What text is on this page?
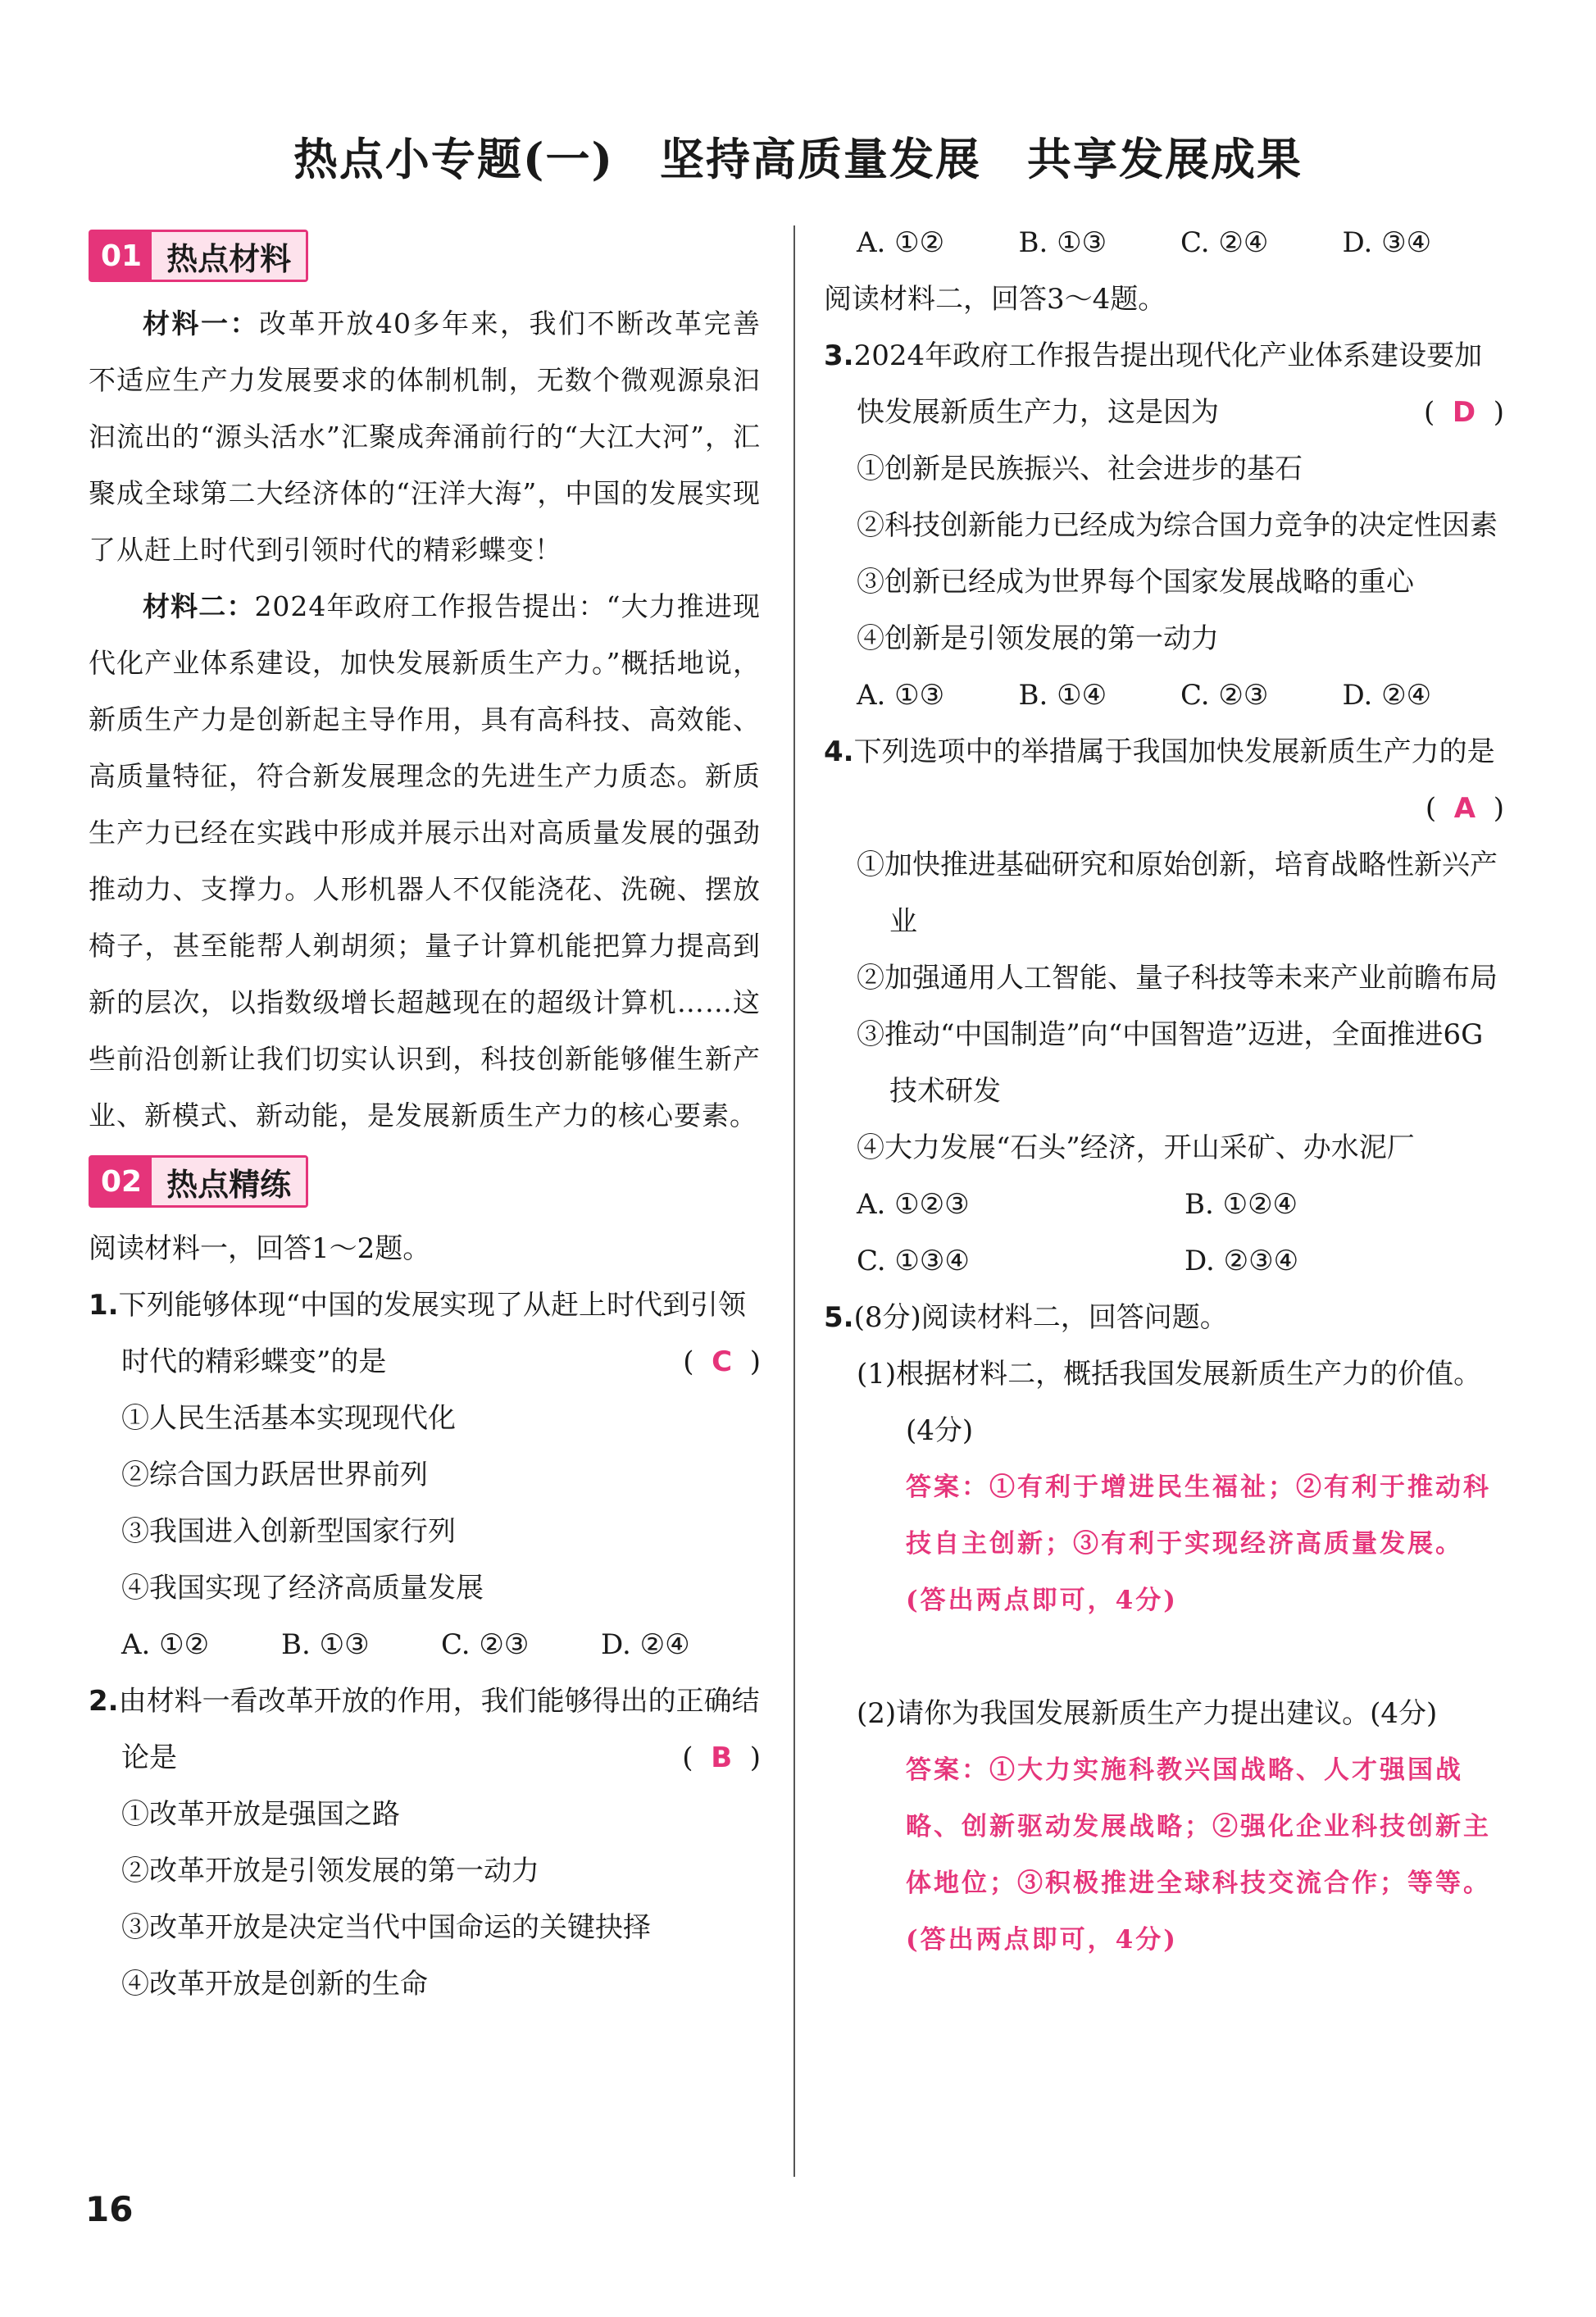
热点小专题(一)　坚持高质量发展　共享发展成果
01 热点材料

材料一：改革开放40多年来，我们不断改革完善不适应生产力发展要求的体制机制，无数个微观源泉汩汩流出的“源头活水”汇聚成奔涌前行的“大江大河”，汇聚成全球第二大经济体的“汪洋大海”，中国的发展实现了从赶上时代到引领时代的精彩蝶变！

材料二：2024年政府工作报告提出：“大力推进现代化产业体系建设，加快发展新质生产力。”概括地说，新质生产力是创新起主导作用，具有高科技、高效能、高质量特征，符合新发展理念的先进生产力质态。新质生产力已经在实践中形成并展示出对高质量发展的强劲推动力、支撑力。人形机器人不仅能浇花、洗碗、摆放椅子，甚至能帮人剃胡须；量子计算机能把算力提高到新的层次，以指数级增长超越现在的超级计算机……这些前沿创新让我们切实认识到，科技创新能够催生新产业、新模式、新动能，是发展新质生产力的核心要素。

02 热点精练

阅读材料一，回答1～2题。

1.下列能够体现“中国的发展实现了从赶上时代到引领时代的精彩蝶变”的是	(  C  )

①人民生活基本实现现代化

②综合国力跃居世界前列

③我国进入创新型国家行列

④我国实现了经济高质量发展

A. ①②	B. ①③	C. ②③	D. ②④
2.由材料一看改革开放的作用，我们能够得出的正确结论是	(  B  )

①改革开放是强国之路

②改革开放是引领发展的第一动力

③改革开放是决定当代中国命运的关键抉择

④改革开放是创新的生命

A. ①②	B. ①③	C. ②④	D. ③④

阅读材料二，回答3～4题。

3.2024年政府工作报告提出现代化产业体系建设要加快发展新质生产力，这是因为	(  D  )

①创新是民族振兴、社会进步的基石

②科技创新能力已经成为综合国力竞争的决定性因素

③创新已经成为世界每个国家发展战略的重心

④创新是引领发展的第一动力

A. ①③	B. ①④	C. ②③	D. ②④
4.下列选项中的举措属于我国加快发展新质生产力的是
(  A  )

①加快推进基础研究和原始创新，培育战略性新兴产业

②加强通用人工智能、量子科技等未来产业前瞻布局

③推动“中国制造”向“中国智造”迈进，全面推进6G技术研发

④大力发展“石头”经济，开山采矿、办水泥厂

A. ①②③	B. ①②④
C. ①③④	D. ②③④
5.(8分)阅读材料二，回答问题。

(1)根据材料二，概括我国发展新质生产力的价值。(4分)

答案：①有利于增进民生福祉；②有利于推动科技自主创新；③有利于实现经济高质量发展。(答出两点即可，4分)

(2)请你为我国发展新质生产力提出建议。(4分)

答案：①大力实施科教兴国战略、人才强国战略、创新驱动发展战略；②强化企业科技创新主体地位；③积极推进全球科技交流合作；等等。(答出两点即可，4分)

16
